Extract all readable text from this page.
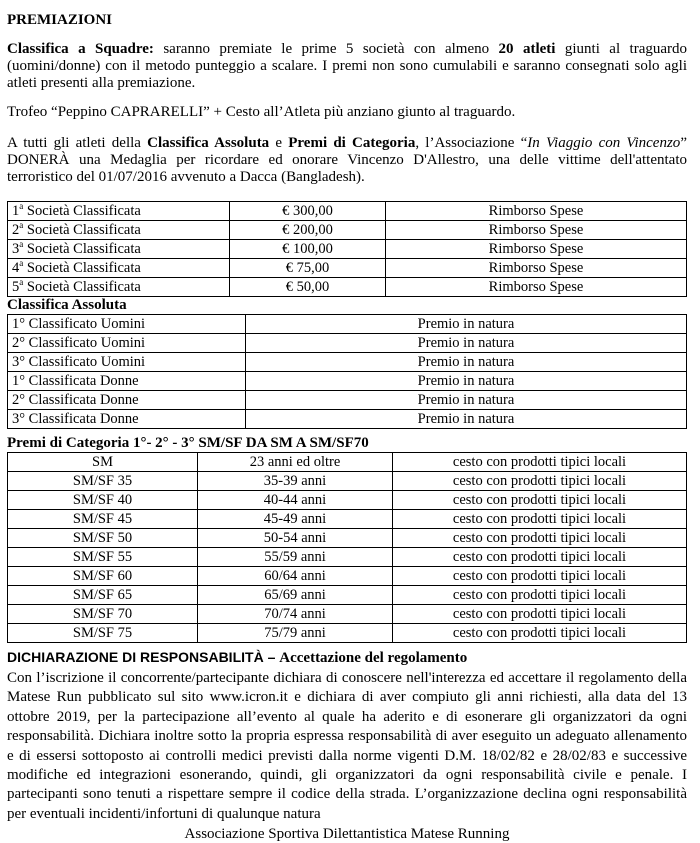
PREMIAZIONI

Classifica a Squadre: saranno premiate le prime 5 società con almeno 20 atleti giunti al traguardo (uomini/donne) con il metodo punteggio a scalare. I premi non sono cumulabili e saranno consegnati solo agli atleti presenti alla premiazione.

Trofeo “Peppino CAPRARELLI” + Cesto all’Atleta più anziano giunto al traguardo.

A tutti gli atleti della Classifica Assoluta e Premi di Categoria, l’Associazione “In Viaggio con Vincenzo” DONERÀ una Medaglia per ricordare ed onorare Vincenzo D'Allestro, una delle vittime dell'attentato terroristico del 01/07/2016 avvenuto a Dacca (Bangladesh).

1$^a$ Società Classificata	€ 300,00	Rimborso Spese
2$^a$ Società Classificata	€ 200,00	Rimborso Spese
3$^a$ Società Classificata	€ 100,00	Rimborso Spese
4$^a$ Società Classificata	€ 75,00	Rimborso Spese
5$^a$ Società Classificata	€ 50,00	Rimborso Spese
Classifica Assoluta
1° Classificato Uomini	Premio in natura
2° Classificato Uomini	Premio in natura
3° Classificato Uomini	Premio in natura
1° Classificata Donne	Premio in natura
2° Classificata Donne	Premio in natura
3° Classificata Donne	Premio in natura
Premi di Categoria 1°- 2° - 3° SM/SF DA SM A SM/SF70
SM	23 anni ed oltre	cesto con prodotti tipici locali
SM/SF 35	35-39 anni	cesto con prodotti tipici locali
SM/SF 40	40-44 anni	cesto con prodotti tipici locali
SM/SF 45	45-49 anni	cesto con prodotti tipici locali
SM/SF 50	50-54 anni	cesto con prodotti tipici locali
SM/SF 55	55/59 anni	cesto con prodotti tipici locali
SM/SF 60	60/64 anni	cesto con prodotti tipici locali
SM/SF 65	65/69 anni	cesto con prodotti tipici locali
SM/SF 70	70/74 anni	cesto con prodotti tipici locali
SM/SF 75	75/79 anni	cesto con prodotti tipici locali
DICHIARAZIONE DI RESPONSABILITÀ – Accettazione del regolamento

Con l’iscrizione il concorrente/partecipante dichiara di conoscere nell'interezza ed accettare il regolamento della Matese Run pubblicato sul sito www.icron.it e dichiara di aver compiuto gli anni richiesti, alla data del 13 ottobre 2019, per la partecipazione all’evento al quale ha aderito e di esonerare gli organizzatori da ogni responsabilità. Dichiara inoltre sotto la propria espressa responsabilità di aver eseguito un adeguato allenamento e di essersi sottoposto ai controlli medici previsti dalla norme vigenti D.M. 18/02/82 e 28/02/83 e successive modifiche ed integrazioni esonerando, quindi, gli organizzatori da ogni responsabilità civile e penale. I partecipanti sono tenuti a rispettare sempre il codice della strada. L’organizzazione declina ogni responsabilità per eventuali incidenti/infortuni di qualunque natura

Associazione Sportiva Dilettantistica Matese Running
